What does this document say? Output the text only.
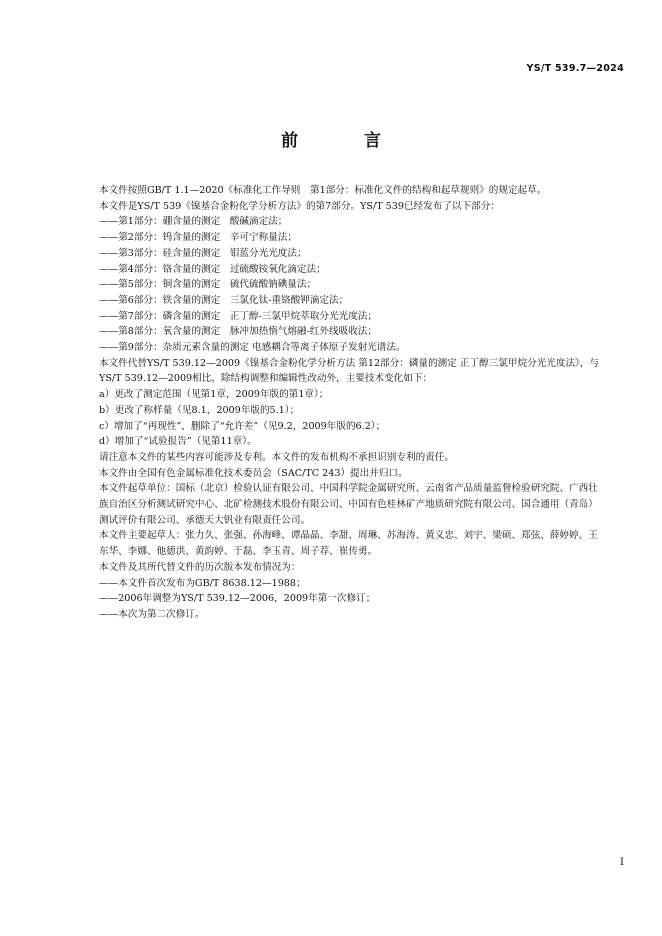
YS/T 539.7—2024
前 言

本文件按照GB/T 1.1—2020《标准化工作导则　第1部分：标准化文件的结构和起草规则》的规定起草。

本文件是YS/T 539《镍基合金粉化学分析方法》的第7部分。YS/T 539已经发布了以下部分：

——第1部分：硼含量的测定　酸碱滴定法；

——第2部分：钨含量的测定　辛可宁称量法；

——第3部分：硅含量的测定　钼蓝分光光度法；

——第4部分：铬含量的测定　过硫酸铵氧化滴定法；

——第5部分：铜含量的测定　硫代硫酸钠碘量法；

——第6部分：铁含量的测定　三氯化钛-重铬酸钾滴定法；

——第7部分：磷含量的测定　正丁醇-三氯甲烷萃取分光光度法；

——第8部分：氧含量的测定　脉冲加热惰气熔融-红外线吸收法；

——第9部分：杂质元素含量的测定 电感耦合等离子体原子发射光谱法。

本文件代替YS/T 539.12—2009《镍基合金粉化学分析方法 第12部分：磷量的测定 正丁醇三氯甲烷分光光度法》，与YS/T 539.12—2009相比，除结构调整和编辑性改动外，主要技术变化如下：

a）更改了测定范围（见第1章，2009年版的第1章）；

b）更改了称样量（见8.1，2009年版的5.1）；

c）增加了“再现性”，删除了“允许差”（见9.2，2009年版的6.2）；

d）增加了“试验报告”（见第11章）。

请注意本文件的某些内容可能涉及专利。本文件的发布机构不承担识别专利的责任。

本文件由全国有色金属标准化技术委员会（SAC/TC 243）提出并归口。

本文件起草单位：国标（北京）检验认证有限公司、中国科学院金属研究所、云南省产品质量监督检验研究院、广西壮族自治区分析测试研究中心、北矿检测技术股份有限公司、中国有色桂林矿产地质研究院有限公司、国合通用（青岛）测试评价有限公司、承德天大钒业有限责任公司。

本文件主要起草人：张力久、张强、孙海峰、谭晶晶、李甜、周琳、苏海涛、黄义忠、刘宇、梁硕、郑弦、薛婷婷、王东华、李娜、他德洪、黄韵婷、于磊、李玉青、周子荐、崔传勇。

本文件及其所代替文件的历次版本发布情况为：

——本文件首次发布为GB/T 8638.12—1988；

——2006年调整为YS/T 539.12—2006，2009年第一次修订；

——本次为第二次修订。

I
